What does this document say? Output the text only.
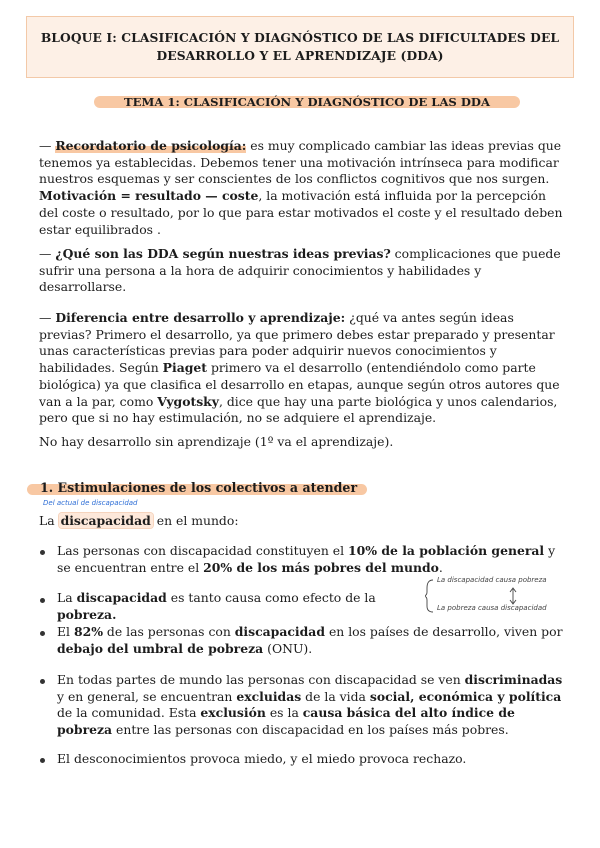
BLOQUE I: CLASIFICACIÓN Y DIAGNÓSTICO DE LAS DIFICULTADES DEL
DESARROLLO Y EL APRENDIZAJE (DDA)
TEMA 1: CLASIFICACIÓN Y DIAGNÓSTICO DE LAS DDA
— Recordatorio de psicología: es muy complicado cambiar las ideas previas que tenemos ya establecidas. Debemos tener una motivación intrínseca para modificar nuestros esquemas y ser conscientes de los conflictos cognitivos que nos surgen. Motivación = resultado — coste, la motivación está influida por la percepción del coste o resultado, por lo que para estar motivados el coste y el resultado deben estar equilibrados .
— ¿Qué son las DDA según nuestras ideas previas? complicaciones que puede sufrir una persona a la hora de adquirir conocimientos y habilidades y desarrollarse.
— Diferencia entre desarrollo y aprendizaje: ¿qué va antes según ideas previas? Primero el desarrollo, ya que primero debes estar preparado y presentar unas características previas para poder adquirir nuevos conocimientos y habilidades. Según Piaget primero va el desarrollo (entendiéndolo como parte biológica) ya que clasifica el desarrollo en etapas, aunque según otros autores que van a la par, como Vygotsky, dice que hay una parte biológica y unos calendarios, pero que si no hay estimulación, no se adquiere el aprendizaje.
No hay desarrollo sin aprendizaje (1º va el aprendizaje).
1. Estimulaciones de los colectivos a atender
Del actual de discapacidad
La discapacidad en el mundo:
Las personas con discapacidad constituyen el 10% de la población general y se encuentran entre el 20% de los más pobres del mundo.
La discapacidad es tanto causa como efecto de la pobreza.
La discapacidad causa pobreza
La pobreza causa discapacidad
El 82% de las personas con discapacidad en los países de desarrollo, viven por debajo del umbral de pobreza (ONU).
En todas partes de mundo las personas con discapacidad se ven discriminadas y en general, se encuentran excluidas de la vida social, económica y política de la comunidad. Esta exclusión es la causa básica del alto índice de pobreza entre las personas con discapacidad en los países más pobres.
El desconocimientos provoca miedo, y el miedo provoca rechazo.
